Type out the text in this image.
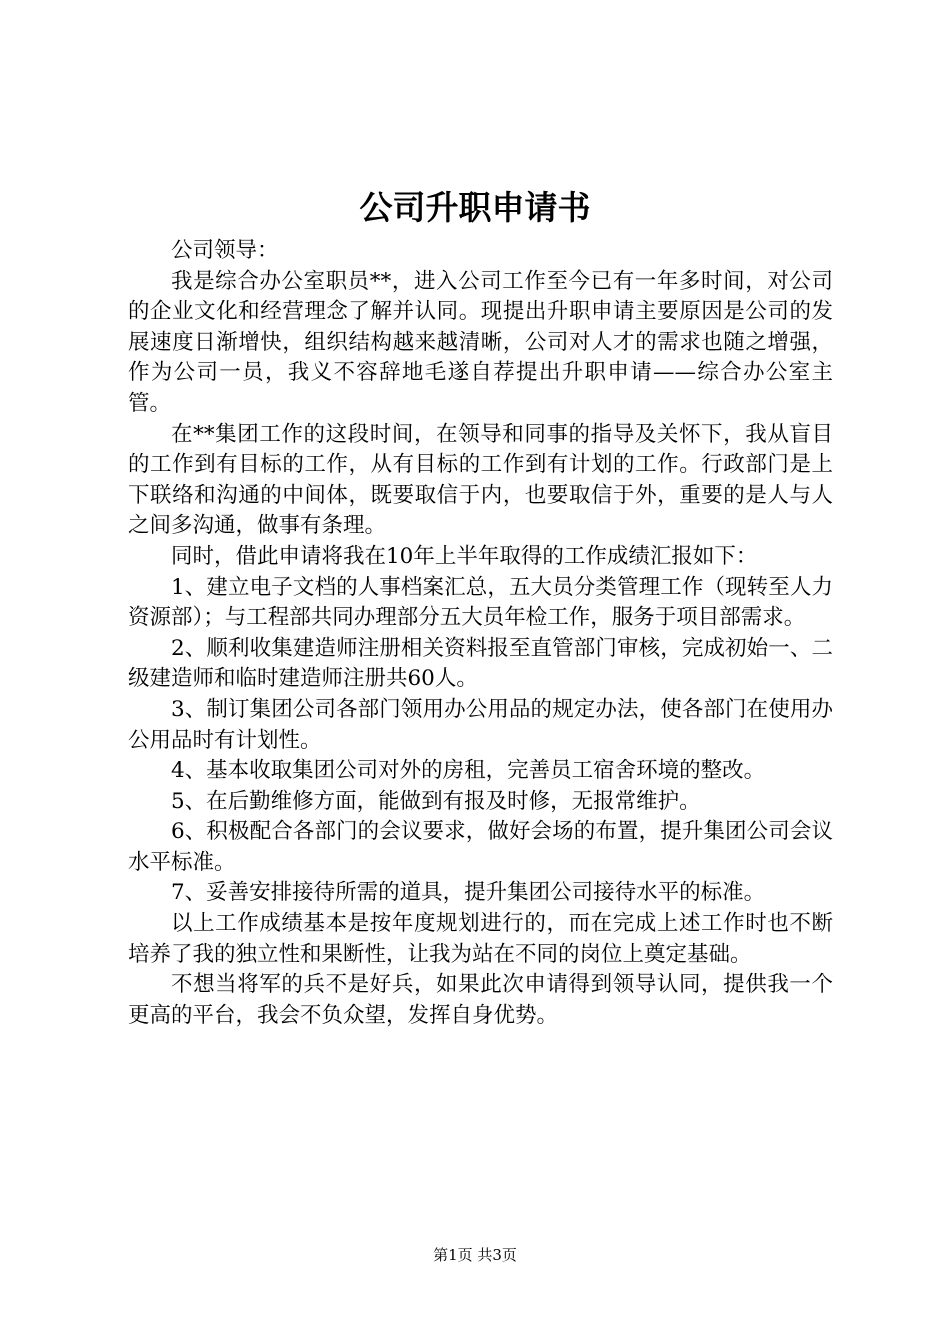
公司升职申请书

公司领导：

我是综合办公室职员**，进入公司工作至今已有一年多时间，对公司的企业文化和经营理念了解并认同。现提出升职申请主要原因是公司的发展速度日渐增快，组织结构越来越清晰，公司对人才的需求也随之增强，作为公司一员，我义不容辞地毛遂自荐提出升职申请——综合办公室主管。

在**集团工作的这段时间，在领导和同事的指导及关怀下，我从盲目的工作到有目标的工作，从有目标的工作到有计划的工作。行政部门是上下联络和沟通的中间体，既要取信于内，也要取信于外，重要的是人与人之间多沟通，做事有条理。

同时，借此申请将我在10年上半年取得的工作成绩汇报如下：

1、建立电子文档的人事档案汇总，五大员分类管理工作（现转至人力资源部）；与工程部共同办理部分五大员年检工作，服务于项目部需求。

2、顺利收集建造师注册相关资料报至直管部门审核，完成初始一、二级建造师和临时建造师注册共60人。

3、制订集团公司各部门领用办公用品的规定办法，使各部门在使用办公用品时有计划性。

4、基本收取集团公司对外的房租，完善员工宿舍环境的整改。

5、在后勤维修方面，能做到有报及时修，无报常维护。

6、积极配合各部门的会议要求，做好会场的布置，提升集团公司会议水平标准。

7、妥善安排接待所需的道具，提升集团公司接待水平的标准。

以上工作成绩基本是按年度规划进行的，而在完成上述工作时也不断培养了我的独立性和果断性，让我为站在不同的岗位上奠定基础。

不想当将军的兵不是好兵，如果此次申请得到领导认同，提供我一个更高的平台，我会不负众望，发挥自身优势。

第1页 共3页
